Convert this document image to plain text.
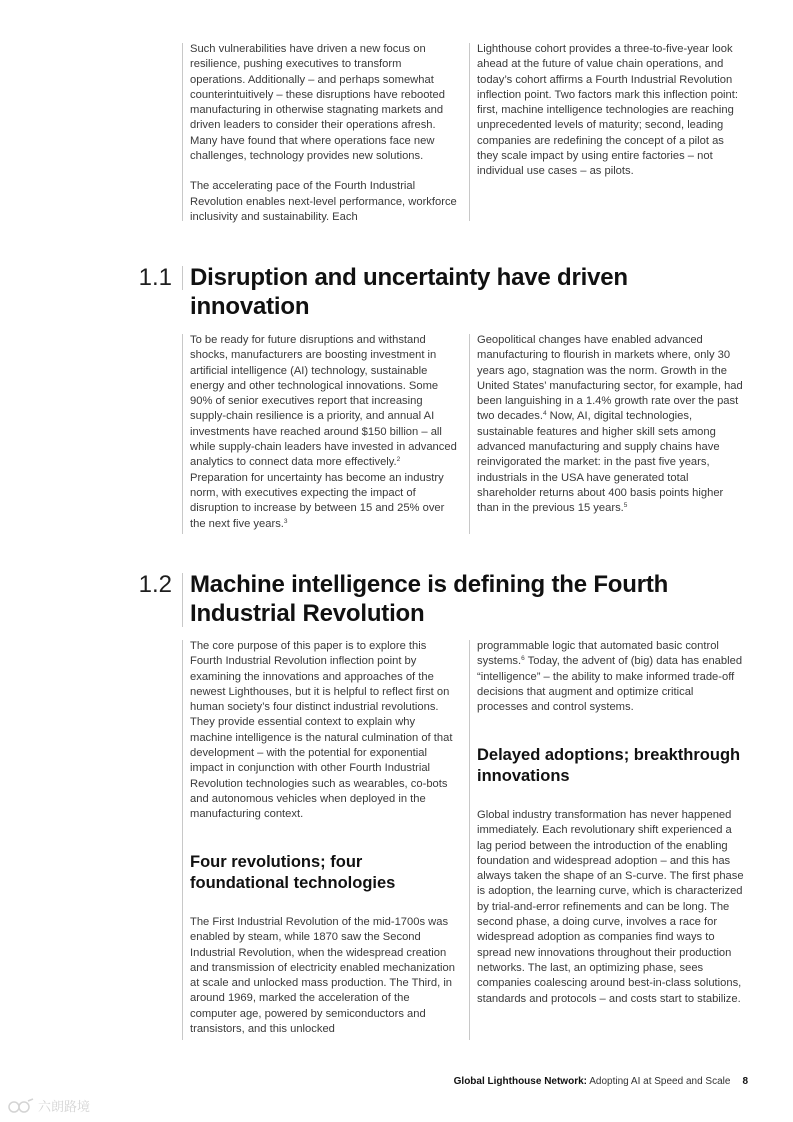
Such vulnerabilities have driven a new focus on resilience, pushing executives to transform operations. Additionally – and perhaps somewhat counterintuitively – these disruptions have rebooted manufacturing in otherwise stagnating markets and driven leaders to consider their operations afresh. Many have found that where operations face new challenges, technology provides new solutions.

The accelerating pace of the Fourth Industrial Revolution enables next-level performance, workforce inclusivity and sustainability. Each

Lighthouse cohort provides a three-to-five-year look ahead at the future of value chain operations, and today’s cohort affirms a Fourth Industrial Revolution inflection point. Two factors mark this inflection point: first, machine intelligence technologies are reaching unprecedented levels of maturity; second, leading companies are redefining the concept of a pilot as they scale impact by using entire factories – not individual use cases – as pilots.

1.1 Disruption and uncertainty have driven innovation

To be ready for future disruptions and withstand shocks, manufacturers are boosting investment in artificial intelligence (AI) technology, sustainable energy and other technological innovations. Some 90% of senior executives report that increasing supply-chain resilience is a priority, and annual AI investments have reached around $150 billion – all while supply-chain leaders have invested in advanced analytics to connect data more effectively.$^2$ Preparation for uncertainty has become an industry norm, with executives expecting the impact of disruption to increase by between 15 and 25% over the next five years.$^3$

Geopolitical changes have enabled advanced manufacturing to flourish in markets where, only 30 years ago, stagnation was the norm. Growth in the United States’ manufacturing sector, for example, had been languishing in a 1.4% growth rate over the past two decades.$^4$ Now, AI, digital technologies, sustainable features and higher skill sets among advanced manufacturing and supply chains have reinvigorated the market: in the past five years, industrials in the USA have generated total shareholder returns about 400 basis points higher than in the previous 15 years.$^5$

1.2 Machine intelligence is defining the Fourth Industrial Revolution

The core purpose of this paper is to explore this Fourth Industrial Revolution inflection point by examining the innovations and approaches of the newest Lighthouses, but it is helpful to reflect first on human society’s four distinct industrial revolutions. They provide essential context to explain why machine intelligence is the natural culmination of that development – with the potential for exponential impact in conjunction with other Fourth Industrial Revolution technologies such as wearables, co-bots and autonomous vehicles when deployed in the manufacturing context.

Four revolutions; four foundational technologies

The First Industrial Revolution of the mid-1700s was enabled by steam, while 1870 saw the Second Industrial Revolution, when the widespread creation and transmission of electricity enabled mechanization at scale and unlocked mass production. The Third, in around 1969, marked the acceleration of the computer age, powered by semiconductors and transistors, and this unlocked

programmable logic that automated basic control systems.$^6$ Today, the advent of (big) data has enabled “intelligence” – the ability to make informed trade-off decisions that augment and optimize critical processes and control systems.

Delayed adoptions; breakthrough innovations

Global industry transformation has never happened immediately. Each revolutionary shift experienced a lag period between the introduction of the enabling foundation and widespread adoption – and this has always taken the shape of an S-curve. The first phase is adoption, the learning curve, which is characterized by trial-and-error refinements and can be long. The second phase, a doing curve, involves a race for widespread adoption as companies find ways to spread new innovations throughout their production networks. The last, an optimizing phase, sees companies coalescing around best-in-class solutions, standards and protocols – and costs start to stabilize.

Global Lighthouse Network: Adopting AI at Speed and Scale 8
六朗路境
